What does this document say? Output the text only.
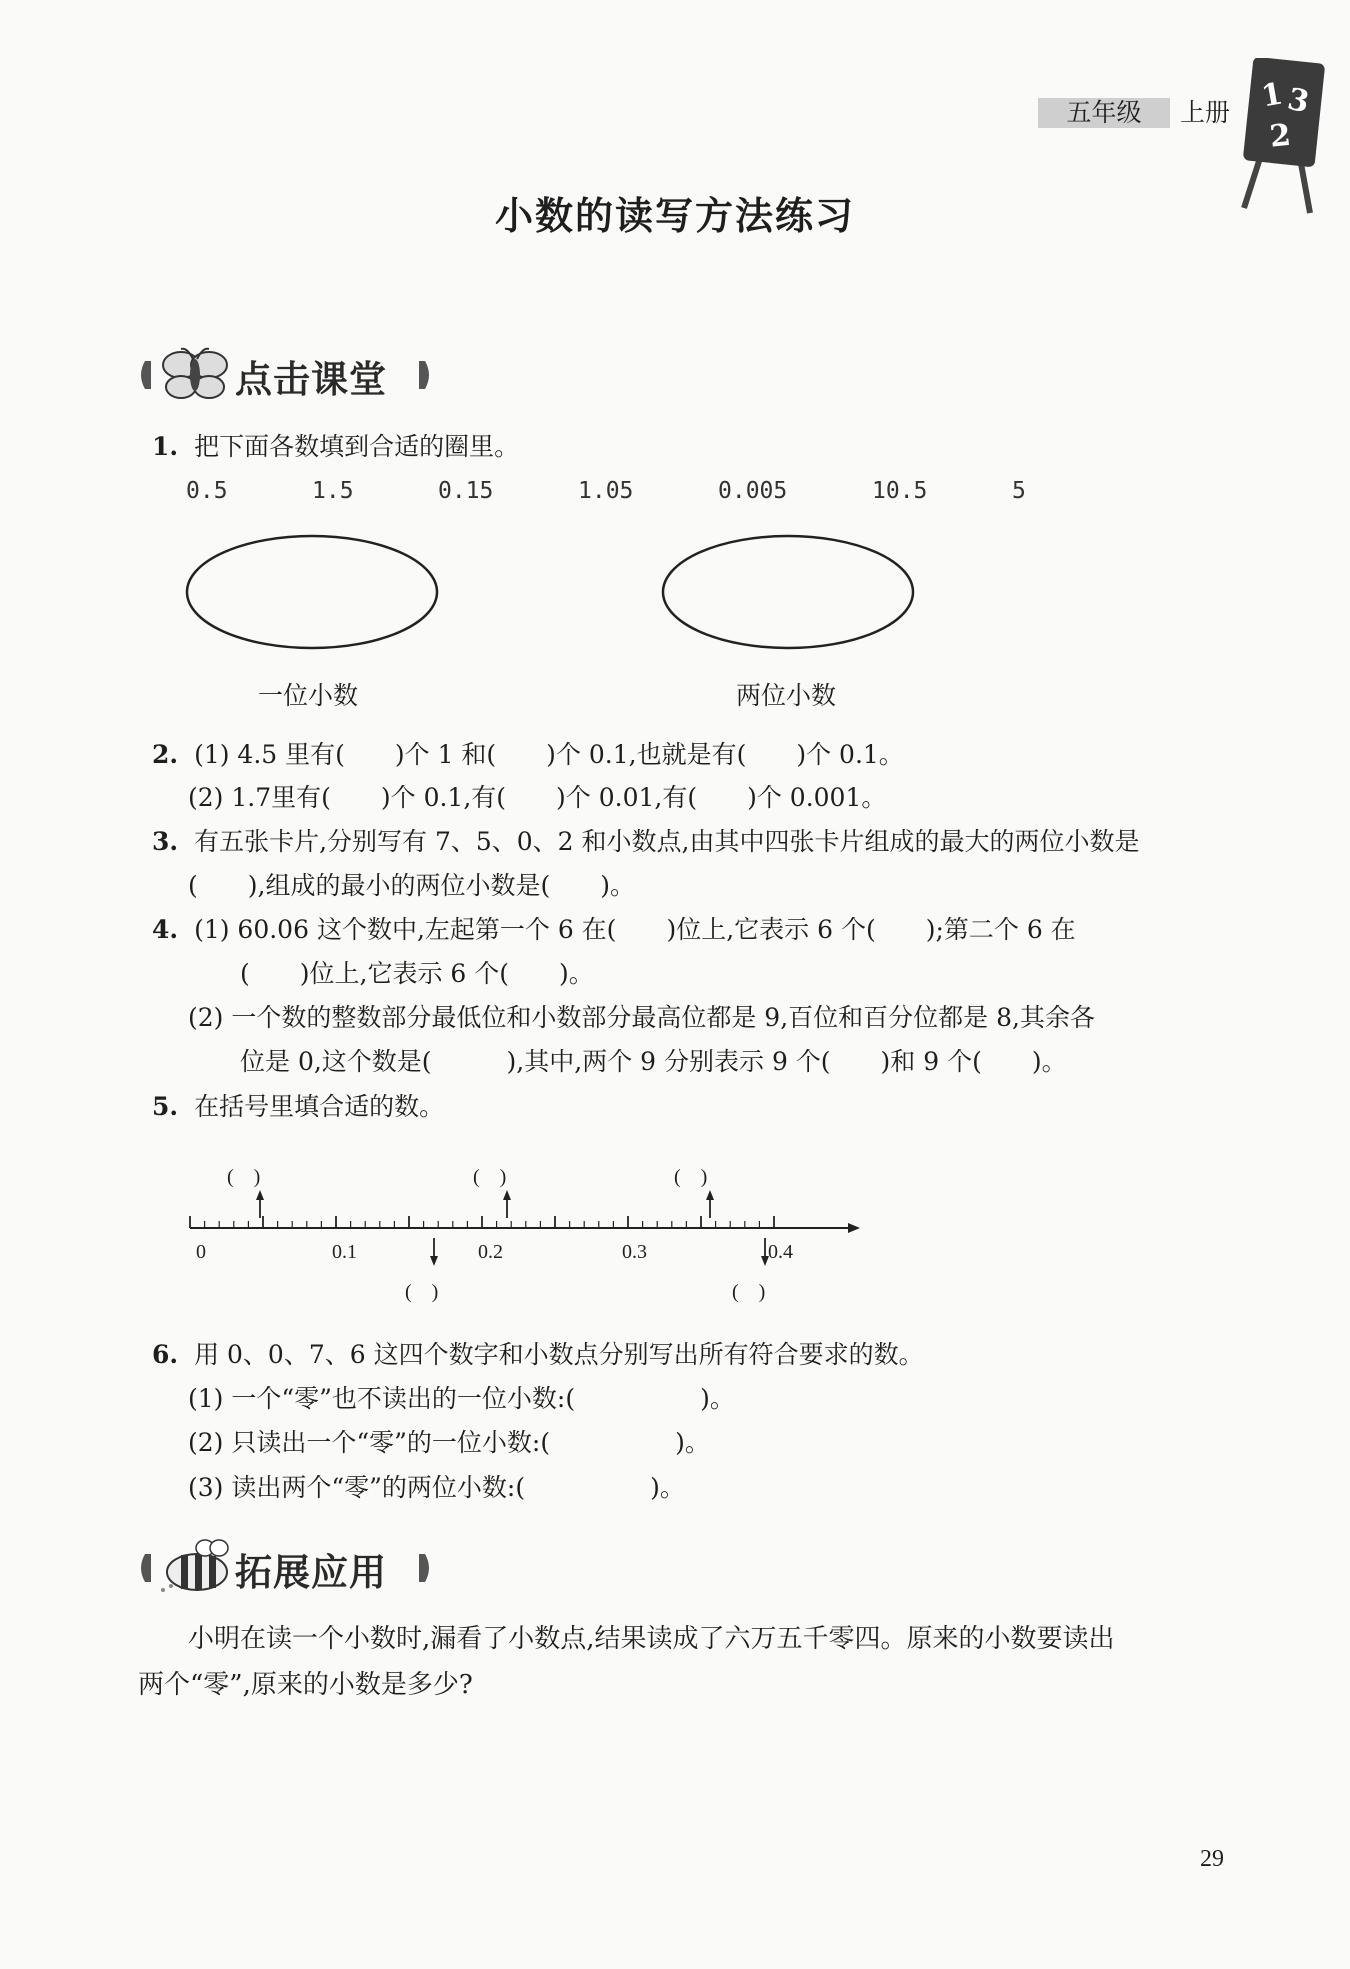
五年级	上册 1 3
2
小数的读写方法练习
点击课堂
1. 把下面各数填到合适的圈里。
0.5	1.5	0.15	1.05	0.005	10.5	5
一位小数	两位小数
2. (1) 4.5 里有(　　)个 1 和(　　)个 0.1,也就是有(　　)个 0.1。
(2) 1.7里有(　　)个 0.1,有(　　)个 0.01,有(　　)个 0.001。
3. 有五张卡片,分别写有 7、5、0、2 和小数点,由其中四张卡片组成的最大的两位小数是
(　　),组成的最小的两位小数是(　　)。
4. (1) 60.06 这个数中,左起第一个 6 在(　　)位上,它表示 6 个(　　);第二个 6 在
(　　)位上,它表示 6 个(　　)。
(2) 一个数的整数部分最低位和小数部分最高位都是 9,百位和百分位都是 8,其余各
位是 0,这个数是(　　　),其中,两个 9 分别表示 9 个(　　)和 9 个(　　)。
5. 在括号里填合适的数。
(　)	(　)	(　)
(　)	(　)
0	0.1	0.2	0.3	0.4
6. 用 0、0、7、6 这四个数字和小数点分别写出所有符合要求的数。
(1) 一个“零”也不读出的一位小数:(　　　　　)。
(2) 只读出一个“零”的一位小数:(　　　　　)。
(3) 读出两个“零”的两位小数:(　　　　　)。
拓展应用
小明在读一个小数时,漏看了小数点,结果读成了六万五千零四。原来的小数要读出
两个“零”,原来的小数是多少?
29
